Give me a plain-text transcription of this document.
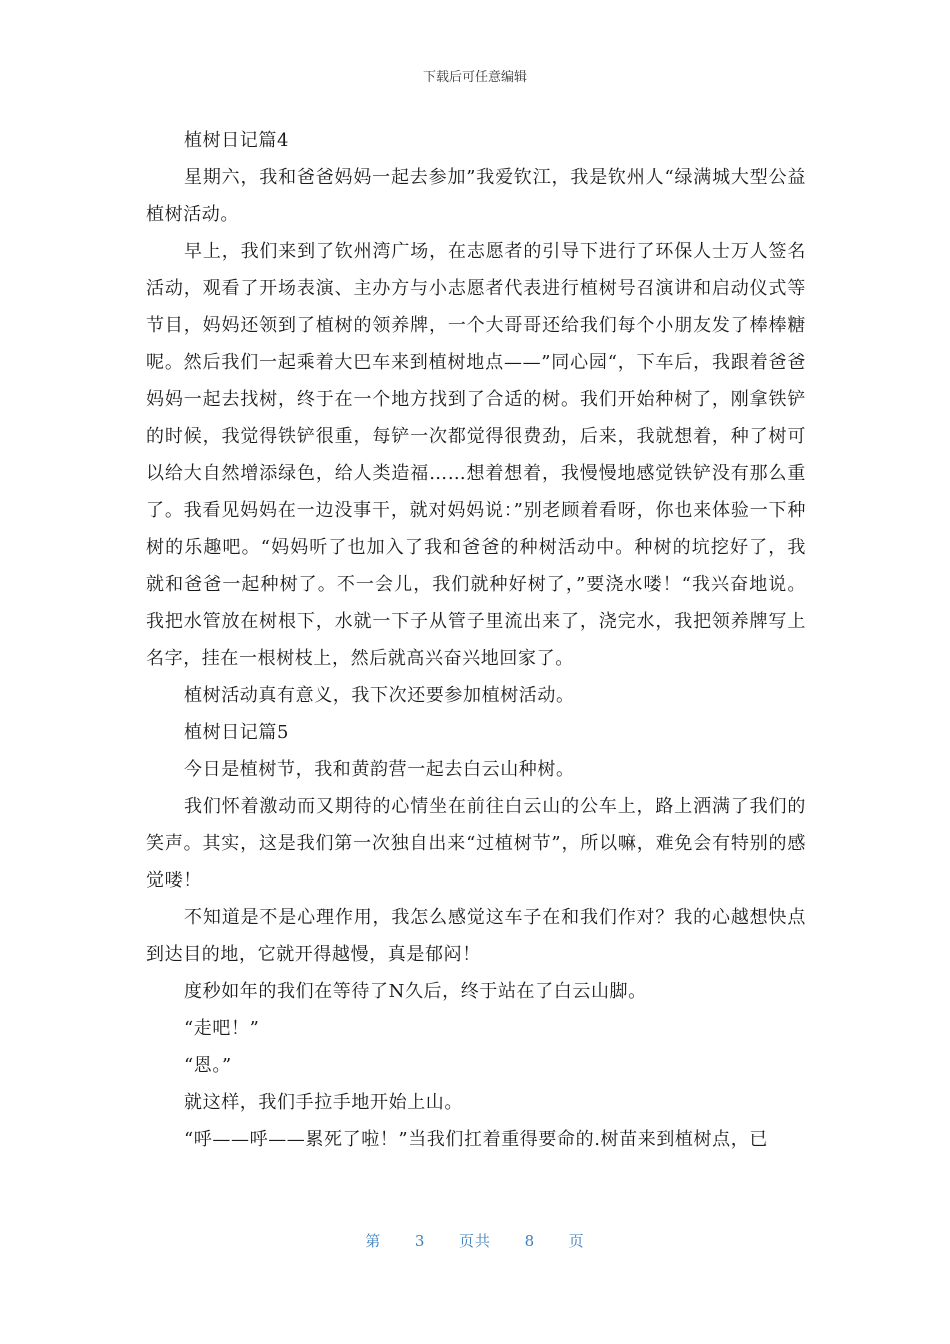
下载后可任意编辑

植树日记篇4

星期六，我和爸爸妈妈一起去参加”我爱钦江，我是钦州人“绿满城大型公益植树活动。

早上，我们来到了钦州湾广场，在志愿者的引导下进行了环保人士万人签名活动，观看了开场表演、主办方与小志愿者代表进行植树号召演讲和启动仪式等节目，妈妈还领到了植树的领养牌，一个大哥哥还给我们每个小朋友发了棒棒糖呢。然后我们一起乘着大巴车来到植树地点——”同心园“，下车后，我跟着爸爸妈妈一起去找树，终于在一个地方找到了合适的树。我们开始种树了，刚拿铁铲的时候，我觉得铁铲很重，每铲一次都觉得很费劲，后来，我就想着，种了树可以给大自然增添绿色，给人类造福……想着想着，我慢慢地感觉铁铲没有那么重了。我看见妈妈在一边没事干，就对妈妈说：”别老顾着看呀，你也来体验一下种树的乐趣吧。“妈妈听了也加入了我和爸爸的种树活动中。种树的坑挖好了，我就和爸爸一起种树了。不一会儿，我们就种好树了，”要浇水喽！“我兴奋地说。我把水管放在树根下，水就一下子从管子里流出来了，浇完水，我把领养牌写上名字，挂在一根树枝上，然后就高兴奋兴地回家了。

植树活动真有意义，我下次还要参加植树活动。

植树日记篇5

今日是植树节，我和黄韵营一起去白云山种树。

我们怀着激动而又期待的心情坐在前往白云山的公车上，路上洒满了我们的笑声。其实，这是我们第一次独自出来“过植树节”，所以嘛，难免会有特别的感觉喽！

不知道是不是心理作用，我怎么感觉这车子在和我们作对？我的心越想快点到达目的地，它就开得越慢，真是郁闷！

度秒如年的我们在等待了N久后，终于站在了白云山脚。

“走吧！”

“恩。”

就这样，我们手拉手地开始上山。

“呼——呼——累死了啦！”当我们扛着重得要命的.树苗来到植树点，已

第 3 页共 8 页
